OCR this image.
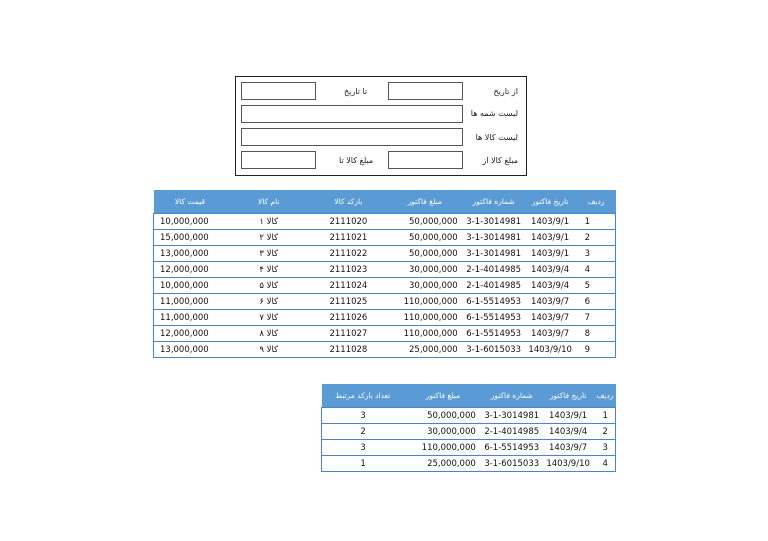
از تاریخ
تا تاریخ
لیست شمه ها
لیست کالا ها
مبلغ کالا از
مبلغ کالا تا
قیمت کالا	نام کالا	بارکد کالا	مبلغ فاکتور	شماره فاکتور	تاریخ فاکتور	ردیف
10,000,000	کالا ۱	2111020	50,000,000	3-1-3014981	1403/9/1	1
15,000,000	کالا ۲	2111021	50,000,000	3-1-3014981	1403/9/1	2
13,000,000	کالا ۳	2111022	50,000,000	3-1-3014981	1403/9/1	3
12,000,000	کالا ۴	2111023	30,000,000	2-1-4014985	1403/9/4	4
10,000,000	کالا ۵	2111024	30,000,000	2-1-4014985	1403/9/4	5
11,000,000	کالا ۶	2111025	110,000,000	6-1-5514953	1403/9/7	6
11,000,000	کالا ۷	2111026	110,000,000	6-1-5514953	1403/9/7	7
12,000,000	کالا ۸	2111027	110,000,000	6-1-5514953	1403/9/7	8
13,000,000	کالا ۹	2111028	25,000,000	3-1-6015033	1403/9/10	9
تعداد بارکد مرتبط	مبلغ فاکتور	شماره فاکتور	تاریخ فاکتور	ردیف
3	50,000,000	3-1-3014981	1403/9/1	1
2	30,000,000	2-1-4014985	1403/9/4	2
3	110,000,000	6-1-5514953	1403/9/7	3
1	25,000,000	3-1-6015033	1403/9/10	4
